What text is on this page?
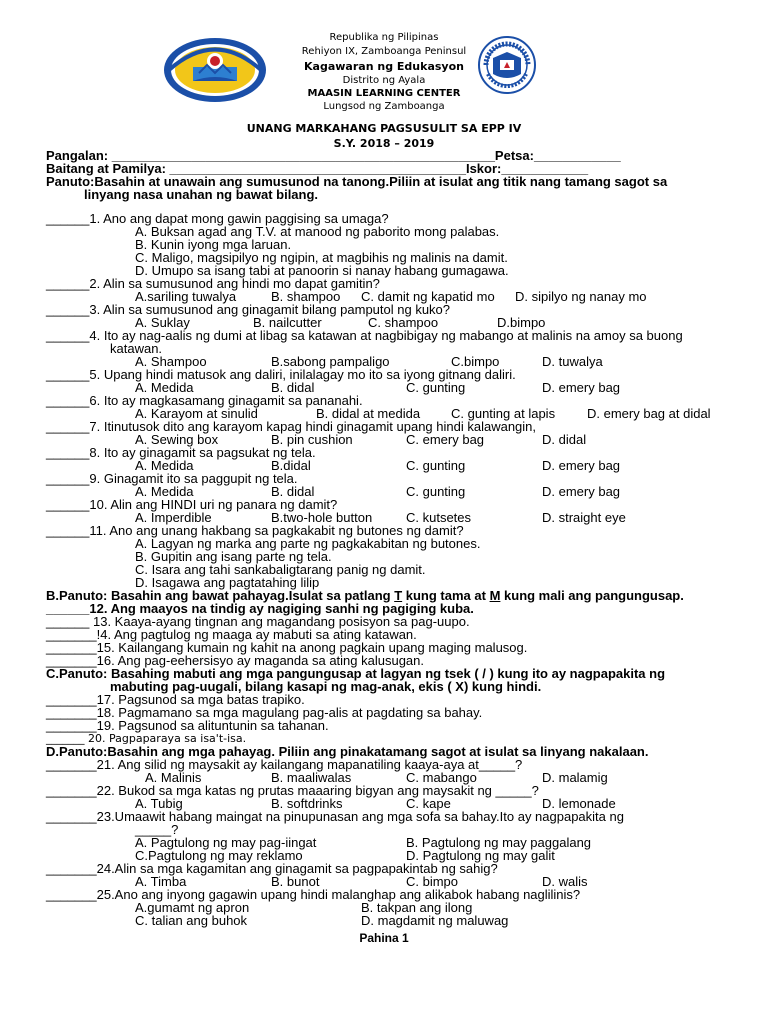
Republika ng Pilipinas
Rehiyon IX, Zamboanga Peninsul
Kagawaran ng Edukasyon
Distrito ng Ayala
MAASIN LEARNING CENTER
Lungsod ng Zamboanga
UNANG MARKAHANG PAGSUSULIT SA EPP IV
S.Y. 2018 – 2019
Pangalan: _____________________________________________________Petsa:____________
Baitang at Pamilya: _________________________________________Iskor:____________
Panuto:Basahin at unawain ang sumusunod na tanong.Piliin at isulat ang titik nang tamang sagot sa
linyang nasa unahan ng bawat bilang.
______1. Ano ang dapat mong gawin paggising sa umaga?
A. Buksan agad ang T.V. at manood ng paborito mong palabas.
B. Kunin iyong mga laruan.
C. Maligo, magsipilyo ng ngipin, at magbihis ng malinis na damit.
D. Umupo sa isang tabi at panoorin si nanay habang gumagawa.
______2. Alin sa sumusunod ang hindi mo dapat gamitin?
A.sariling tuwalya	B. shampoo C. damit ng kapatid mo D. sipilyo ng nanay mo
______3. Alin sa sumusunod ang ginagamit bilang pamputol ng kuko?
A. Suklay	B. nailcutter	C. shampoo	D.bimpo
______4. Ito ay nag-aalis ng dumi at libag sa katawan at nagbibigay ng mabango at malinis na amoy sa buong
katawan.
A. Shampoo	B.sabong pampaligo	C.bimpo	D. tuwalya
______5. Upang hindi matusok ang daliri, inilalagay mo ito sa iyong gitnang daliri.
A. Medida	B. didal	C. gunting	D. emery bag
______6. Ito ay magkasamang ginagamit sa pananahi.
A. Karayom at sinulid	B. didal at medida C. gunting at lapis D. emery bag at didal
______7. Itinutusok dito ang karayom kapag hindi ginagamit upang hindi kalawangin,
A. Sewing box	B. pin cushion	C. emery bag	D. didal
______8. Ito ay ginagamit sa pagsukat ng tela.
A. Medida	B.didal	C. gunting	D. emery bag
______9. Ginagamit ito sa paggupit ng tela.
A. Medida	B. didal	C. gunting	D. emery bag
______10. Alin ang HINDI uri ng panara ng damit?
A. Imperdible	B.two-hole button	C. kutsetes	D. straight eye
______11. Ano ang unang hakbang sa pagkakabit ng butones ng damit?
A. Lagyan ng marka ang parte ng pagkakabitan ng butones.
B. Gupitin ang isang parte ng tela.
C. Isara ang tahi sankabaligtarang panig ng damit.
D. Isagawa ang pagtatahing lilip
B.Panuto: Basahin ang bawat pahayag.Isulat sa patlang T kung tama at M kung mali ang pangungusap.
______12. Ang maayos na tindig ay nagiging sanhi ng pagiging kuba.
______ 13. Kaaya-ayang tingnan ang magandang posisyon sa pag-uupo.
_______!4. Ang pagtulog ng maaga ay mabuti sa ating katawan.
_______15. Kailangang kumain ng kahit na anong pagkain upang maging malusog.
_______16. Ang pag-eehersisyo ay maganda sa ating kalusugan.
C.Panuto: Basahing mabuti ang mga pangungusap at lagyan ng tsek ( / ) kung ito ay nagpapakita ng
mabuting pag-uugali, bilang kasapi ng mag-anak, ekis ( X) kung hindi.
_______17. Pagsunod sa mga batas trapiko.
_______18. Pagmamano sa mga magulang pag-alis at pagdating sa bahay.
_______19. Pagsunod sa alituntunin sa tahanan.
_______ 20. Pagpaparaya sa isa't-isa.
D.Panuto:Basahin ang mga pahayag. Piliin ang pinakatamang sagot at isulat sa linyang nakalaan.
_______21. Ang silid ng maysakit ay kailangang mapanatiling kaaya-aya at_____?
A. Malinis	B. maaliwalas	C. mabango	D. malamig
_______22. Bukod sa mga katas ng prutas maaaring bigyan ang maysakit ng _____?
A. Tubig	B. softdrinks	C. kape	D. lemonade
_______23.Umaawit habang maingat na pinupunasan ang mga sofa sa bahay.Ito ay nagpapakita ng
_____?
A. Pagtulong ng may pag-iingat	B. Pagtulong ng may paggalang
C.Pagtulong ng may reklamo	D. Pagtulong ng may galit
_______24.Alin sa mga kagamitan ang ginagamit sa pagpapakintab ng sahig?
A. Timba	B. bunot	C. bimpo	D. walis
_______25.Ano ang inyong gagawin upang hindi malanghap ang alikabok habang naglilinis?
A.gumamt ng apron	B. takpan ang ilong
C. talian ang buhok	D. magdamit ng maluwag
Pahina 1
